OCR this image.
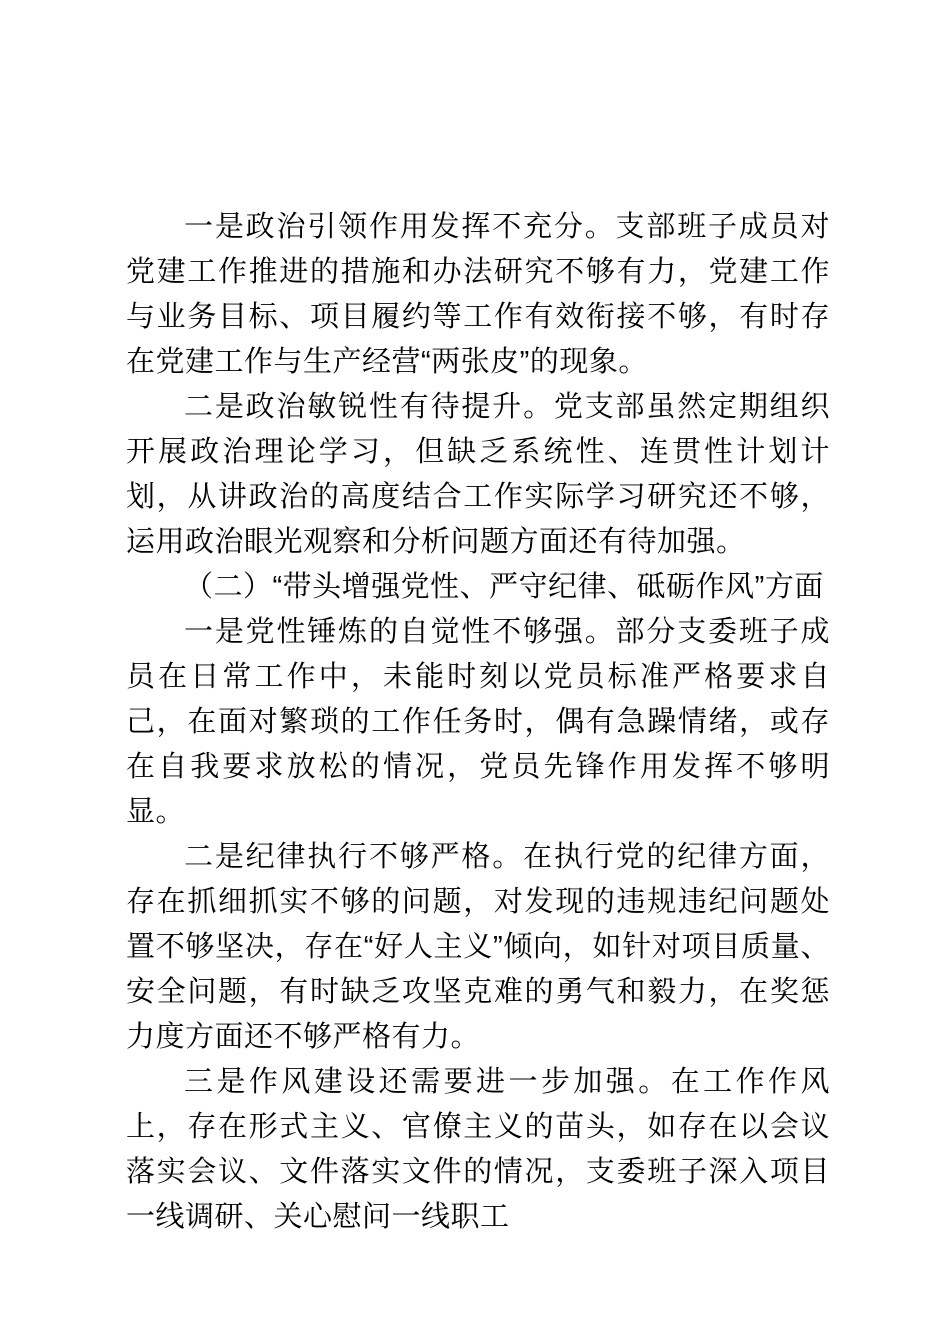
一是政治引领作用发挥不充分。支部班子成员对党建工作推进的措施和办法研究不够有力，党建工作与业务目标、项目履约等工作有效衔接不够，有时存在党建工作与生产经营“两张皮”的现象。

二是政治敏锐性有待提升。党支部虽然定期组织开展政治理论学习，但缺乏系统性、连贯性计划计划，从讲政治的高度结合工作实际学习研究还不够，运用政治眼光观察和分析问题方面还有待加强。

（二）“带头增强党性、严守纪律、砥砺作风”方面

一是党性锤炼的自觉性不够强。部分支委班子成员在日常工作中，未能时刻以党员标准严格要求自己，在面对繁琐的工作任务时，偶有急躁情绪，或存在自我要求放松的情况，党员先锋作用发挥不够明显。

二是纪律执行不够严格。在执行党的纪律方面，存在抓细抓实不够的问题，对发现的违规违纪问题处置不够坚决，存在“好人主义”倾向，如针对项目质量、安全问题，有时缺乏攻坚克难的勇气和毅力，在奖惩力度方面还不够严格有力。

三是作风建设还需要进一步加强。在工作作风上，存在形式主义、官僚主义的苗头，如存在以会议落实会议、文件落实文件的情况，支委班子深入项目一线调研、关心慰问一线职工
